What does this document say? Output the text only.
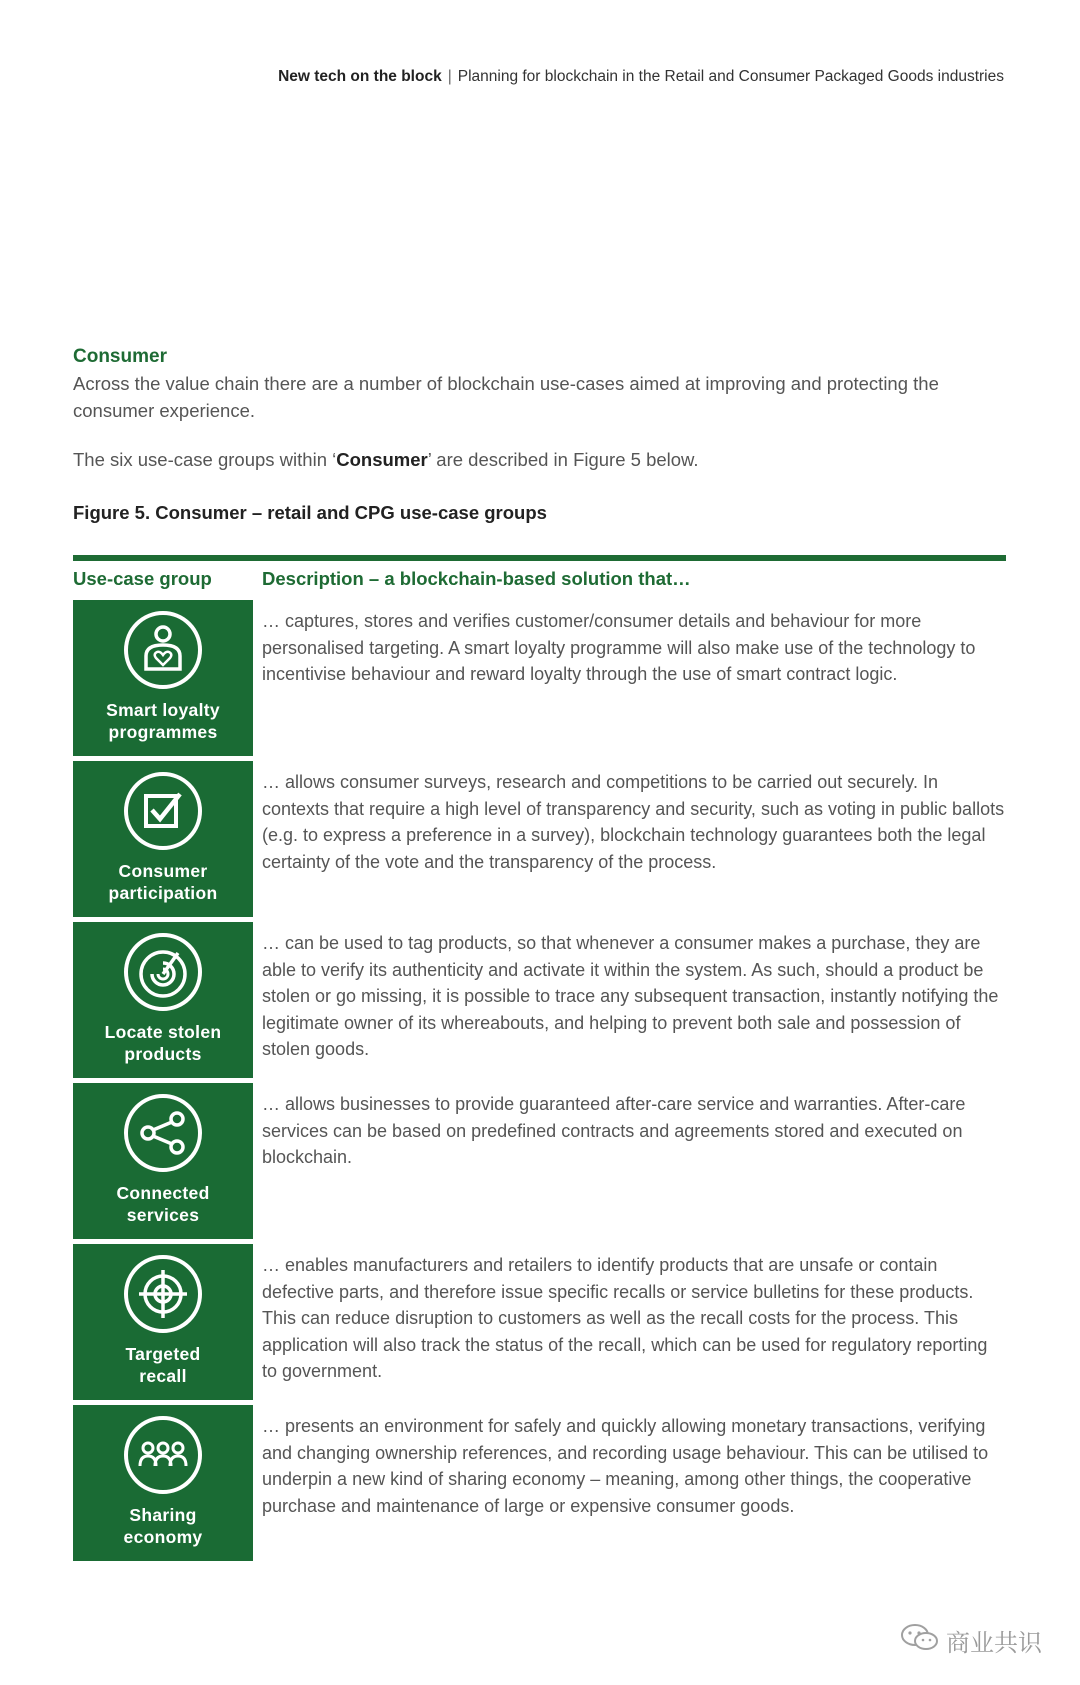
New tech on the block | Planning for blockchain in the Retail and Consumer Packaged Goods industries
Consumer
Across the value chain there are a number of blockchain use-cases aimed at improving and protecting the consumer experience.
The six use-case groups within ‘Consumer’ are described in Figure 5 below.
Figure 5. Consumer – retail and CPG use-case groups
Use-case group	Description – a blockchain-based solution that…
Smart loyalty
programmes
… captures, stores and verifies customer/consumer details and behaviour for more personalised targeting. A smart loyalty programme will also make use of the technology to incentivise behaviour and reward loyalty through the use of smart contract logic.
Consumer
participation
… allows consumer surveys, research and competitions to be carried out securely. In contexts that require a high level of transparency and security, such as voting in public ballots (e.g. to express a preference in a survey), blockchain technology guarantees both the legal certainty of the vote and the transparency of the process.
Locate stolen
products
… can be used to tag products, so that whenever a consumer makes a purchase, they are able to verify its authenticity and activate it within the system. As such, should a product be stolen or go missing, it is possible to trace any subsequent transaction, instantly notifying the legitimate owner of its whereabouts, and helping to prevent both sale and possession of stolen goods.
Connected
services
… allows businesses to provide guaranteed after-care service and warranties. After-care services can be based on predefined contracts and agreements stored and executed on blockchain.
Targeted
recall
… enables manufacturers and retailers to identify products that are unsafe or contain defective parts, and therefore issue specific recalls or service bulletins for these products. This can reduce disruption to customers as well as the recall costs for the process. This application will also track the status of the recall, which can be used for regulatory reporting to government.
Sharing
economy
… presents an environment for safely and quickly allowing monetary transactions, verifying and changing ownership references, and recording usage behaviour. This can be utilised to underpin a new kind of sharing economy – meaning, among other things, the cooperative purchase and maintenance of large or expensive consumer goods.
商业共识
